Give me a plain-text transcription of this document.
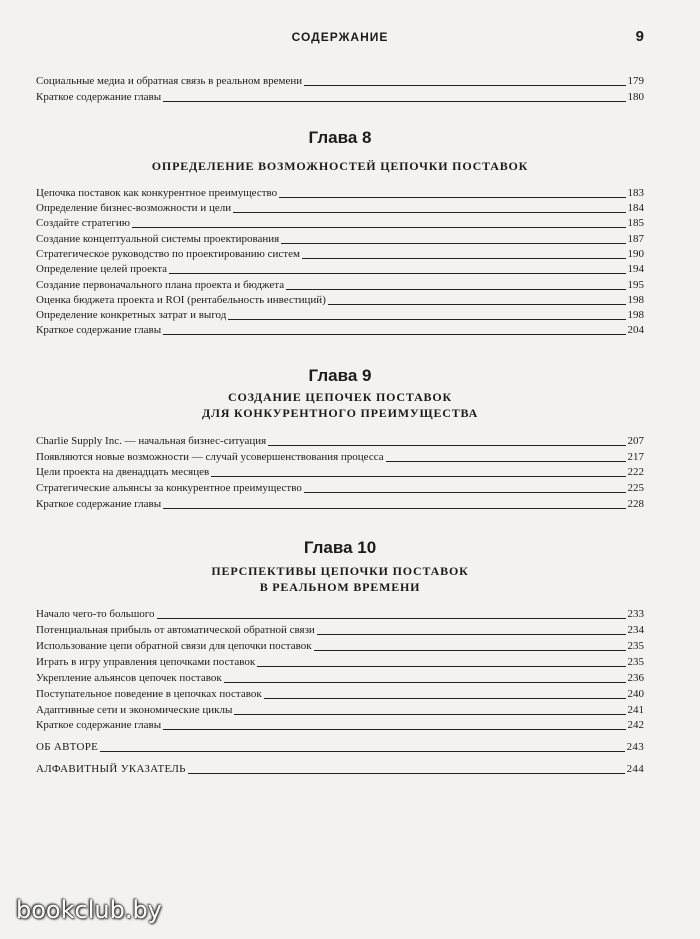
СОДЕРЖАНИЕ	9
Социальные медиа и обратная связь в реальном времени	179
Краткое содержание главы	180
Глава 8
ОПРЕДЕЛЕНИЕ ВОЗМОЖНОСТЕЙ ЦЕПОЧКИ ПОСТАВОК
Цепочка поставок как конкурентное преимущество	183
Определение бизнес-возможности и цели	184
Создайте стратегию	185
Создание концептуальной системы проектирования	187
Стратегическое руководство по проектированию систем	190
Определение целей проекта	194
Создание первоначального плана проекта и бюджета	195
Оценка бюджета проекта и ROI (рентабельность инвестиций)	198
Определение конкретных затрат и выгод	198
Краткое содержание главы	204
Глава 9
СОЗДАНИЕ ЦЕПОЧЕК ПОСТАВОК
ДЛЯ КОНКУРЕНТНОГО ПРЕИМУЩЕСТВА
Charlie Supply Inc. — начальная бизнес-ситуация	207
Появляются новые возможности — случай усовершенствования процесса	217
Цели проекта на двенадцать месяцев	222
Стратегические альянсы за конкурентное преимущество	225
Краткое содержание главы	228
Глава 10
ПЕРСПЕКТИВЫ ЦЕПОЧКИ ПОСТАВОК
В РЕАЛЬНОМ ВРЕМЕНИ
Начало чего-то большого	233
Потенциальная прибыль от автоматической обратной связи	234
Использование цепи обратной связи для цепочки поставок	235
Играть в игру управления цепочками поставок	235
Укрепление альянсов цепочек поставок	236
Поступательное поведение в цепочках поставок	240
Адаптивные сети и экономические циклы	241
Краткое содержание главы	242
ОБ АВТОРЕ	243
АЛФАВИТНЫЙ УКАЗАТЕЛЬ	244
bookclub.by
